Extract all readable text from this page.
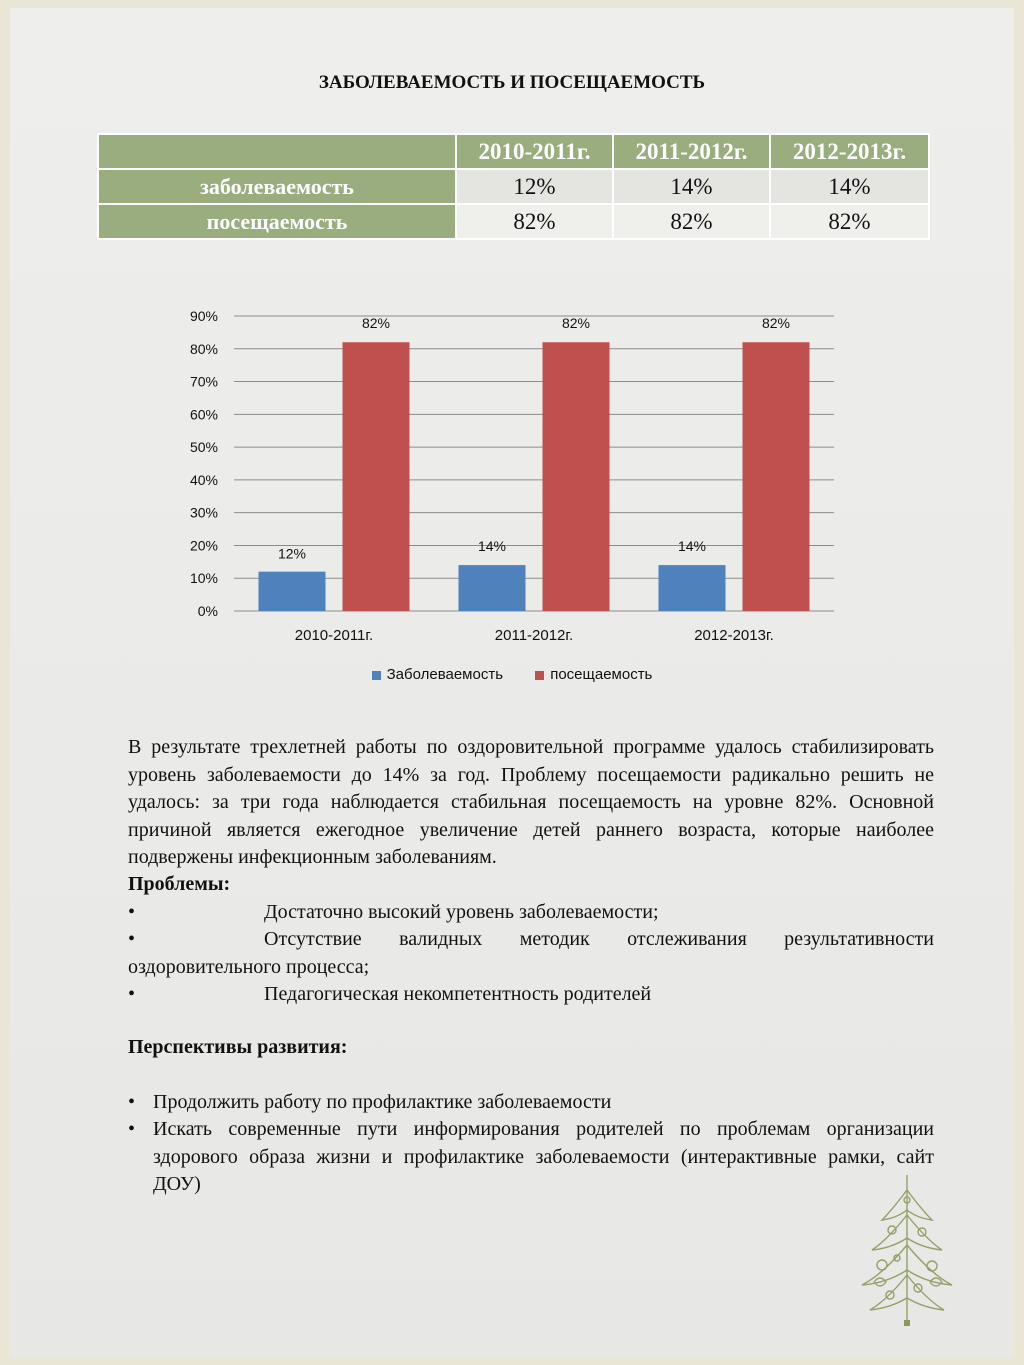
ЗАБОЛЕВАЕМОСТЬ И ПОСЕЩАЕМОСТЬ
	2010-2011г.	2011-2012г.	2012-2013г.
заболеваемость	12%	14%	14%
посещаемость	82%	82%	82%
0%
10%
20%
30%
40%
50%
60%
70%
80%
90%
12%
82%
2010-2011г.
14%
82%
2011-2012г.
14%
82%
2012-2013г.
Заболеваемость	посещаемость
В результате трехлетней работы по оздоровительной программе удалось стабилизировать уровень заболеваемости до 14% за год. Проблему посещаемости радикально решить не удалось: за три года наблюдается стабильная посещаемость на уровне 82%. Основной причиной является ежегодное увеличение детей раннего возраста, которые наиболее подвержены инфекционным заболеваниям.
Проблемы:
•	Достаточно высокий уровень заболеваемости;
•	Отсутствие валидных методик отслеживания результативности
оздоровительного процесса;
•	Педагогическая некомпетентность родителей
Перспективы развития:
• Продолжить работу по профилактике заболеваемости
• Искать современные пути информирования родителей по проблемам организации здорового образа жизни и профилактике заболеваемости (интерактивные рамки, сайт ДОУ)
